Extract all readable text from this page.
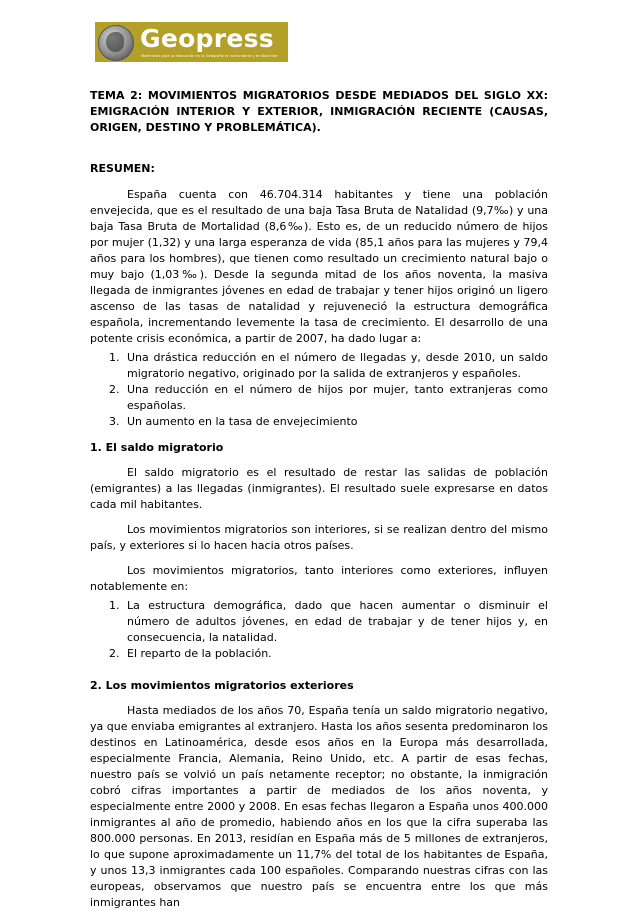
Geopress
Materiales para la educación en la Geografía en secundaria y en Bachiller

TEMA 2: MOVIMIENTOS MIGRATORIOS DESDE MEDIADOS DEL SIGLO XX: EMIGRACIÓN INTERIOR Y EXTERIOR, INMIGRACIÓN RECIENTE (CAUSAS, ORIGEN, DESTINO Y PROBLEMÁTICA).

RESUMEN:

España cuenta con 46.704.314 habitantes y tiene una población envejecida, que es el resultado de una baja Tasa Bruta de Natalidad (9,7‰) y una baja Tasa Bruta de Mortalidad (8,6‰). Esto es, de un reducido número de hijos por mujer (1,32) y una larga esperanza de vida (85,1 años para las mujeres y 79,4 años para los hombres), que tienen como resultado un crecimiento natural bajo o muy bajo (1,03‰). Desde la segunda mitad de los años noventa, la masiva llegada de inmigrantes jóvenes en edad de trabajar y tener hijos originó un ligero ascenso de las tasas de natalidad y rejuveneció la estructura demográfica española, incrementando levemente la tasa de crecimiento. El desarrollo de una potente crisis económica, a partir de 2007, ha dado lugar a:

1. Una drástica reducción en el número de llegadas y, desde 2010, un saldo migratorio negativo, originado por la salida de extranjeros y españoles.
2. Una reducción en el número de hijos por mujer, tanto extranjeras como españolas.
3. Un aumento en la tasa de envejecimiento

1. El saldo migratorio

El saldo migratorio es el resultado de restar las salidas de población (emigrantes) a las llegadas (inmigrantes). El resultado suele expresarse en datos cada mil habitantes.

Los movimientos migratorios son interiores, si se realizan dentro del mismo país, y exteriores si lo hacen hacia otros países.

Los movimientos migratorios, tanto interiores como exteriores, influyen notablemente en:

1. La estructura demográfica, dado que hacen aumentar o disminuir el número de adultos jóvenes, en edad de trabajar y de tener hijos y, en consecuencia, la natalidad.
2. El reparto de la población.

2. Los movimientos migratorios exteriores

Hasta mediados de los años 70, España tenía un saldo migratorio negativo, ya que enviaba emigrantes al extranjero. Hasta los años sesenta predominaron los destinos en Latinoamérica, desde esos años en la Europa más desarrollada, especialmente Francia, Alemania, Reino Unido, etc. A partir de esas fechas, nuestro país se volvió un país netamente receptor; no obstante, la inmigración cobró cifras importantes a partir de mediados de los años noventa, y especialmente entre 2000 y 2008. En esas fechas llegaron a España unos 400.000 inmigrantes al año de promedio, habiendo años en los que la cifra superaba las 800.000 personas. En 2013, residían en España más de 5 millones de extranjeros, lo que supone aproximadamente un 11,7% del total de los habitantes de España, y unos 13,3 inmigrantes cada 100 españoles. Comparando nuestras cifras con las europeas, observamos que nuestro país se encuentra entre los que más inmigrantes han
